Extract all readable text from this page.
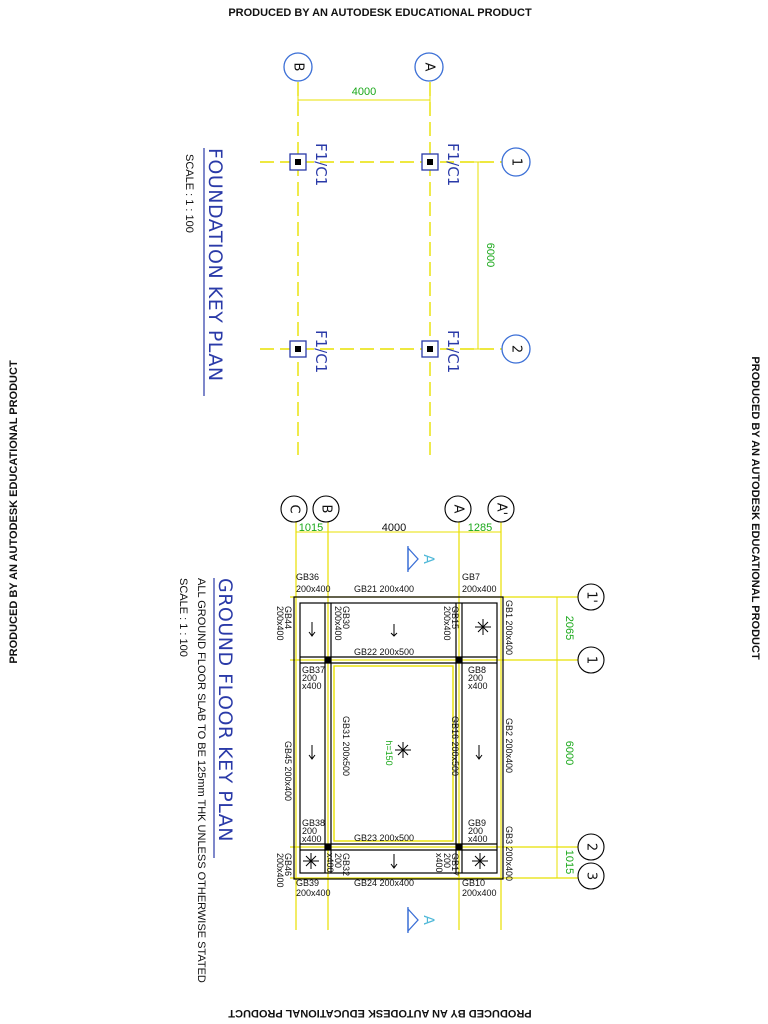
PRODUCED BY AN AUTODESK EDUCATIONAL PRODUCT
PRODUCED BY AN AUTODESK EDUCATIONAL PRODUCT
PRODUCED BY AN AUTODESK EDUCATIONAL PRODUCT	PRODUCED BY AN AUTODESK EDUCATIONAL PRODUCT
B	A
1
2
4000
6000
F1/C1	F1/C1
F1/C1	F1/C1
FOUNDATION KEY PLAN
SCALE : 1 : 100
C B	A A'
1'
1
2
3
1015	4000	1285
2065
6000
1015
A
A
h=150
GB36
200x400	GB21 200x400
GB7
200x400
GB10
200x400
GB24 200x400
GB39
200x400
GB22 200x500
GB23 200x500
GB1 200x400
GB2 200x400
GB3 200x400
GB44
200x400
GB45 200x400
GB46
200x400
GB30
200x400	GB15
200x400
GB31 200x500	GB16 200x500
GB32
200
x400	GB17
200
x400
GB37
200
x400
GB8
200
x400
GB38
200
x400
GB9
200
x400
GROUND FLOOR KEY PLAN
ALL GROUND FLOOR SLAB TO BE 125mm THK UNLESS OTHERWISE STATED
SCALE : 1 : 100
